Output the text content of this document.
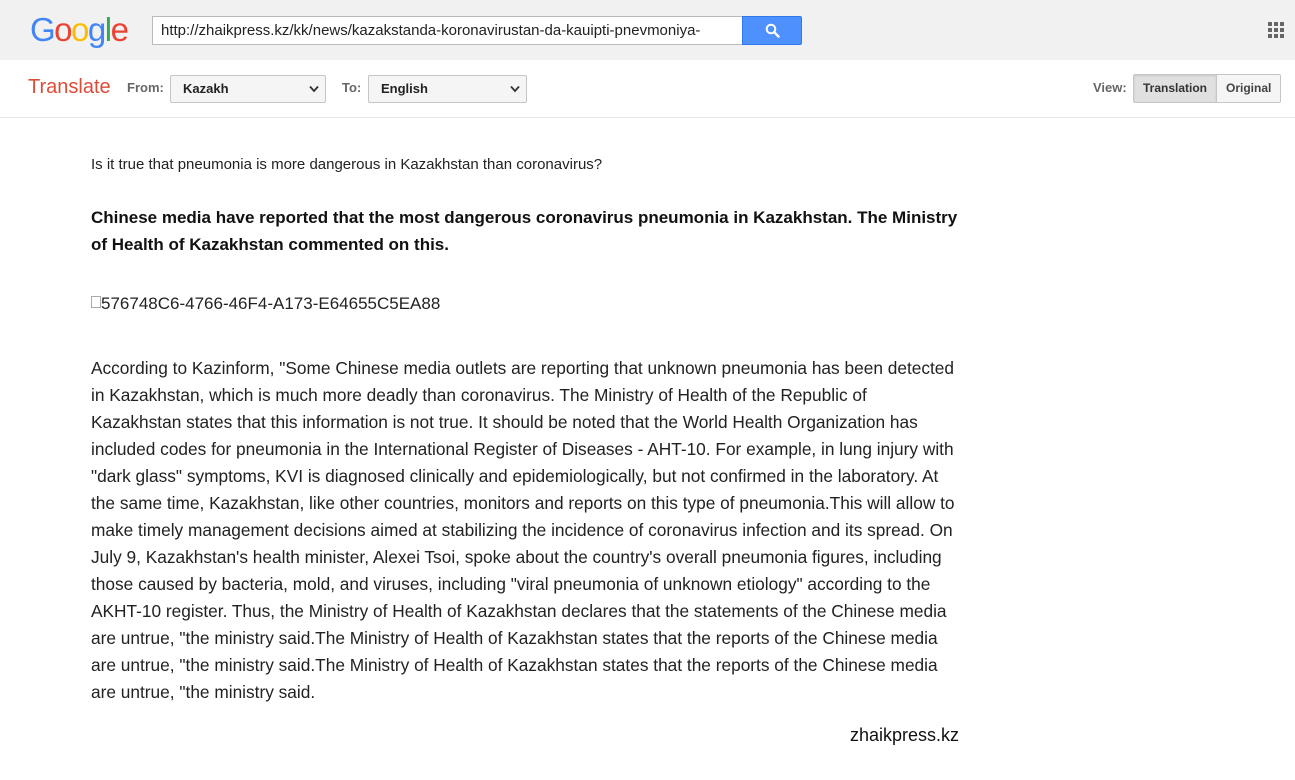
Google	http://zhaikpress.kz/kk/news/kazakstanda-koronavirustan-da-kauipti-pnevmoniya-
Translate From:	Kazakh	To:	English	View:	Translation	Original
Is it true that pneumonia is more dangerous in Kazakhstan than coronavirus?
Chinese media have reported that the most dangerous coronavirus pneumonia in Kazakhstan. The Ministry of Health of Kazakhstan commented on this.
576748C6-4766-46F4-A173-E64655C5EA88
According to Kazinform, "Some Chinese media outlets are reporting that unknown pneumonia has been detected in Kazakhstan, which is much more deadly than coronavirus. The Ministry of Health of the Republic of Kazakhstan states that this information is not true. It should be noted that the World Health Organization has included codes for pneumonia in the International Register of Diseases - AHT-10. For example, in lung injury with "dark glass" symptoms, KVI is diagnosed clinically and epidemiologically, but not confirmed in the laboratory. At the same time, Kazakhstan, like other countries, monitors and reports on this type of pneumonia.This will allow to make timely management decisions aimed at stabilizing the incidence of coronavirus infection and its spread. On July 9, Kazakhstan's health minister, Alexei Tsoi, spoke about the country's overall pneumonia figures, including those caused by bacteria, mold, and viruses, including "viral pneumonia of unknown etiology" according to the AKHT-10 register. Thus, the Ministry of Health of Kazakhstan declares that the statements of the Chinese media are untrue, "the ministry said.The Ministry of Health of Kazakhstan states that the reports of the Chinese media are untrue, "the ministry said.The Ministry of Health of Kazakhstan states that the reports of the Chinese media are untrue, "the ministry said.
zhaikpress.kz
